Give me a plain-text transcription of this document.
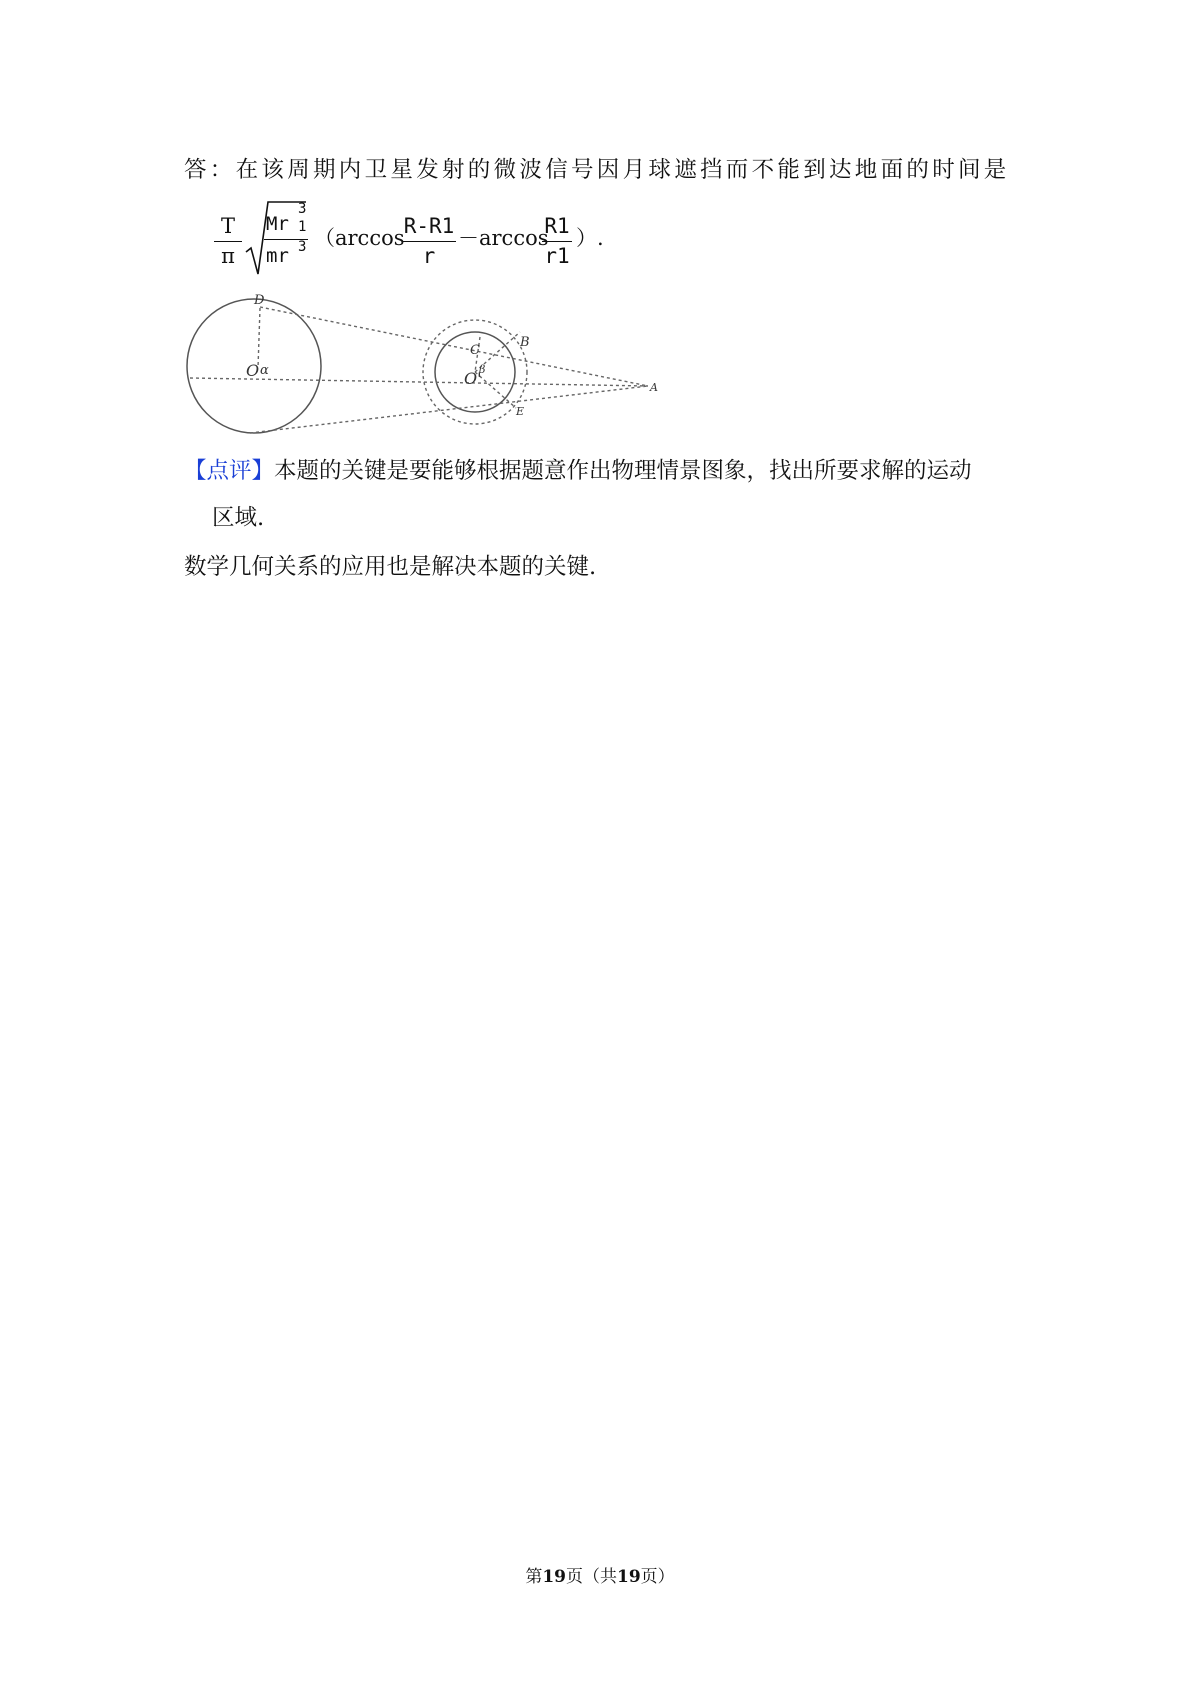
答：在该周期内卫星发射的微波信号因月球遮挡而不能到达地面的时间是
T
π
Mr
3
1
mr 3 （arccos R-R1
r
－arccos
R1
r1
）.
D
O α
C
B
O'
β
E
A
【点评】本题的关键是要能够根据题意作出物理情景图象，找出所要求解的运动
区域.
数学几何关系的应用也是解决本题的关键.
第19页（共19页）
